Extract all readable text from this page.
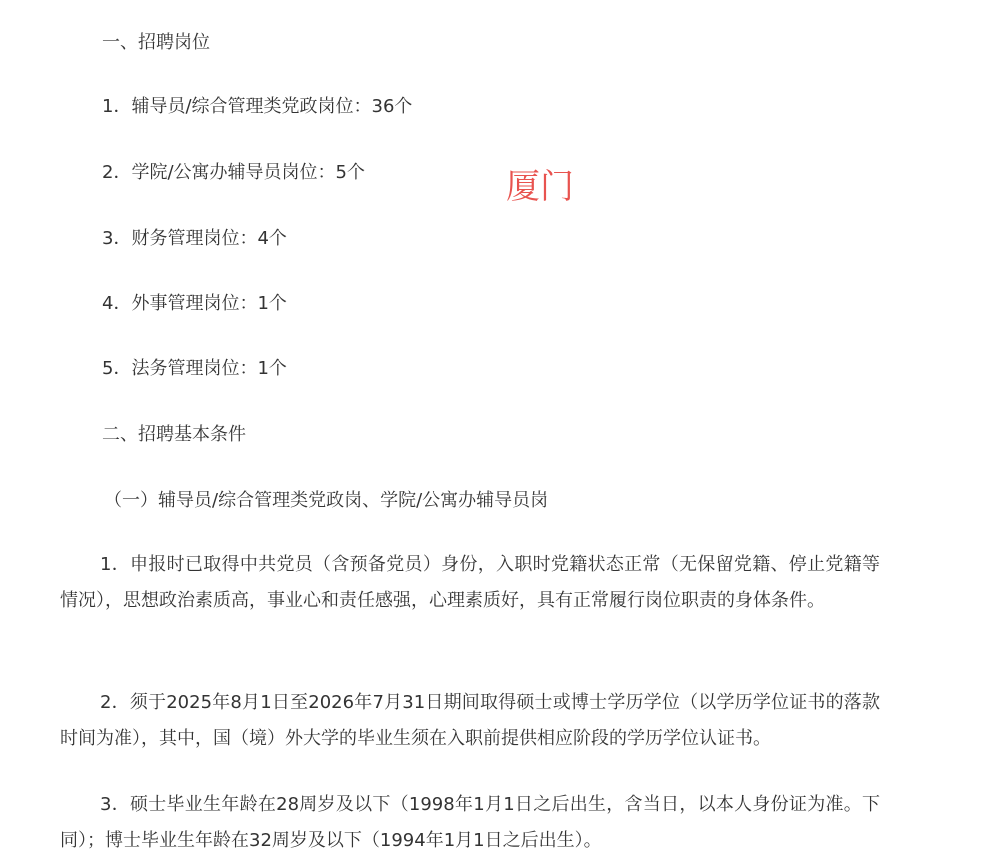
一、招聘岗位
1．辅导员/综合管理类党政岗位：36个
2．学院/公寓办辅导员岗位：5个
3．财务管理岗位：4个
4．外事管理岗位：1个
5．法务管理岗位：1个
厦门
二、招聘基本条件
（一）辅导员/综合管理类党政岗、学院/公寓办辅导员岗
1．申报时已取得中共党员（含预备党员）身份，入职时党籍状态正常（无保留党籍、停止党籍等情况），思想政治素质高，事业心和责任感强，心理素质好，具有正常履行岗位职责的身体条件。
2．须于2025年8月1日至2026年7月31日期间取得硕士或博士学历学位（以学历学位证书的落款时间为准），其中，国（境）外大学的毕业生须在入职前提供相应阶段的学历学位认证书。
3．硕士毕业生年龄在28周岁及以下（1998年1月1日之后出生，含当日，以本人身份证为准。下同）；博士毕业生年龄在32周岁及以下（1994年1月1日之后出生）。
